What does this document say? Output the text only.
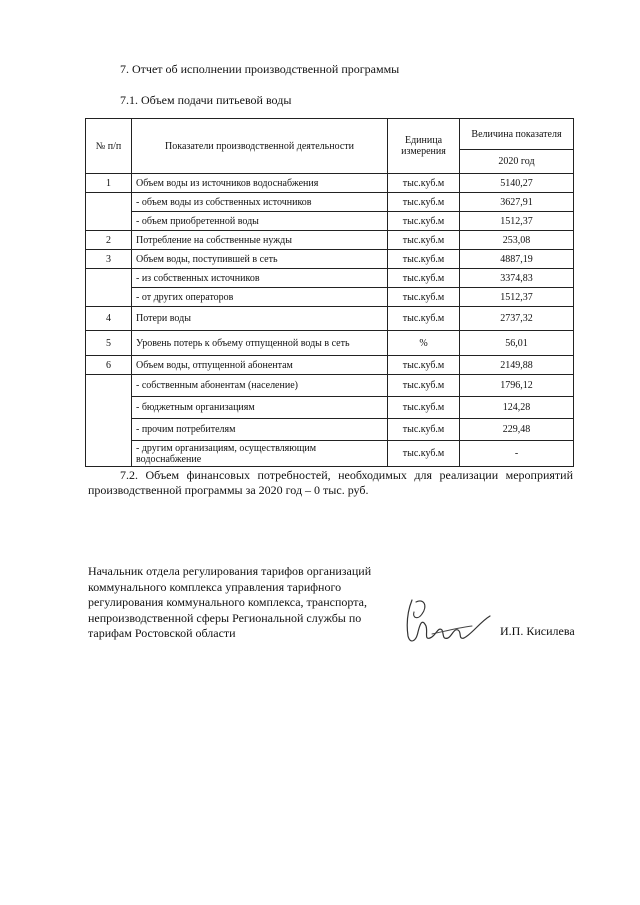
7. Отчет об исполнении производственной программы
7.1. Объем подачи питьевой воды
№ п/п	Показатели производственной деятельности	Единица измерения	Величина показателя
			2020 год
1	Объем воды из источников водоснабжения	тыс.куб.м	5140,27
	- объем воды из собственных источников	тыс.куб.м	3627,91
	- объем приобретенной воды	тыс.куб.м	1512,37
2	Потребление на собственные нужды	тыс.куб.м	253,08
3	Объем воды, поступившей в сеть	тыс.куб.м	4887,19
	- из собственных источников	тыс.куб.м	3374,83
	- от других операторов	тыс.куб.м	1512,37
4	Потери воды	тыс.куб.м	2737,32
5	Уровень потерь к объему отпущенной воды в сеть	%	56,01
6	Объем воды, отпущенной абонентам	тыс.куб.м	2149,88
	- собственным абонентам (население)	тыс.куб.м	1796,12
	- бюджетным организациям	тыс.куб.м	124,28
	- прочим потребителям	тыс.куб.м	229,48
	- другим организациям, осуществляющим водоснабжение	тыс.куб.м	-
7.2. Объем финансовых потребностей, необходимых для реализации мероприятий производственной программы за 2020 год – 0 тыс. руб.
Начальник отдела регулирования тарифов организаций коммунального комплекса управления тарифного регулирования коммунального комплекса, транспорта, непроизводственной сферы Региональной службы по тарифам Ростовской области	И.П. Кисилева
